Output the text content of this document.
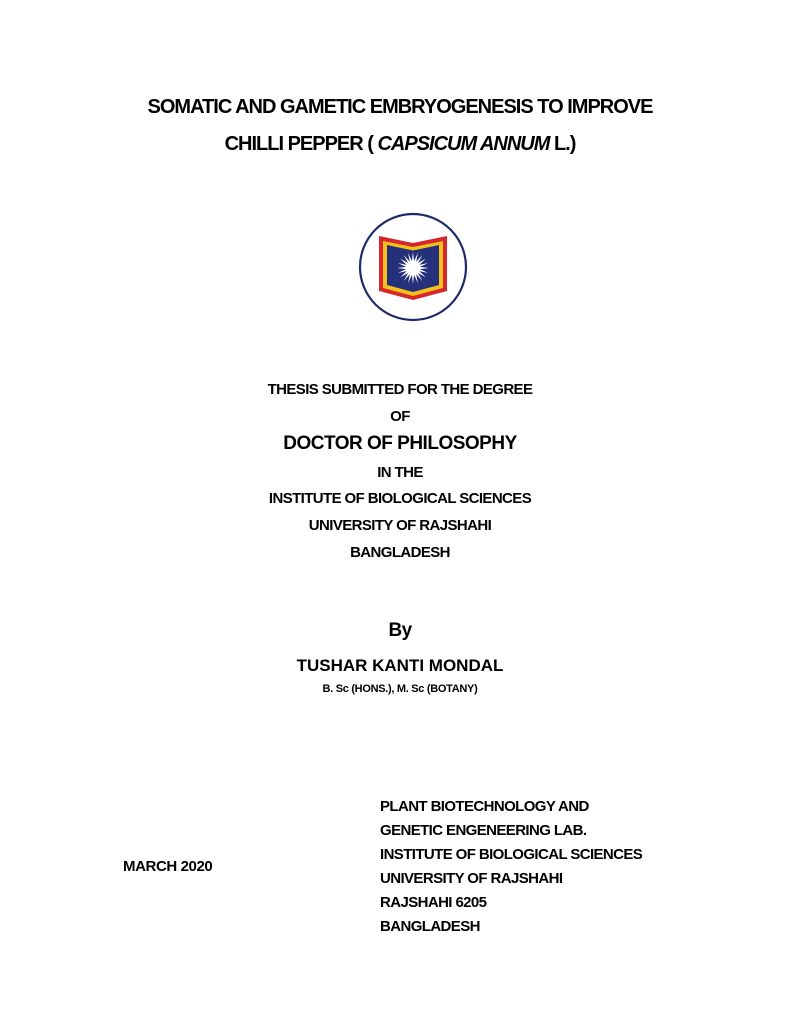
SOMATIC AND GAMETIC EMBRYOGENESIS TO IMPROVE
CHILLI PEPPER ( CAPSICUM ANNUM L.)
THESIS SUBMITTED FOR THE DEGREE
OF
DOCTOR OF PHILOSOPHY
IN THE
INSTITUTE OF BIOLOGICAL SCIENCES
UNIVERSITY OF RAJSHAHI
BANGLADESH
By
TUSHAR KANTI MONDAL
B. Sc (HONS.), M. Sc (BOTANY)
PLANT BIOTECHNOLOGY AND
GENETIC ENGENEERING LAB.
INSTITUTE OF BIOLOGICAL SCIENCES
UNIVERSITY OF RAJSHAHI
RAJSHAHI 6205
BANGLADESH
MARCH 2020
